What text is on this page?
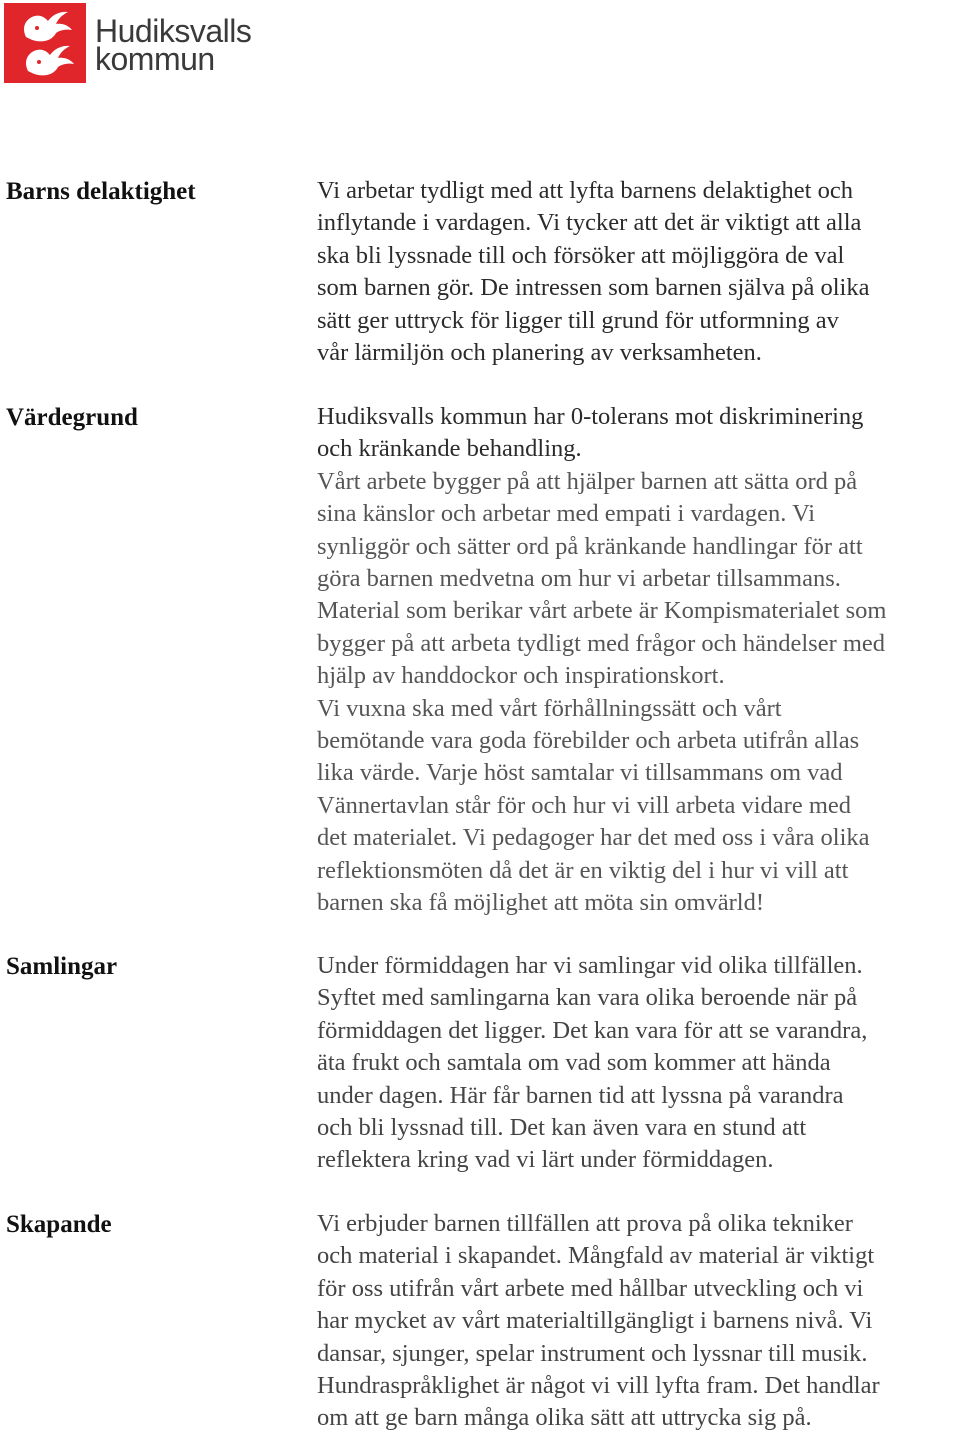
Hudiksvalls
kommun
Barns delaktighet	Vi arbetar tydligt med att lyfta barnens delaktighet och
inflytande i vardagen. Vi tycker att det är viktigt att alla
ska bli lyssnade till och försöker att möjliggöra de val
som barnen gör. De intressen som barnen själva på olika
sätt ger uttryck för ligger till grund för utformning av
vår lärmiljön och planering av verksamheten.
Värdegrund	Hudiksvalls kommun har 0-tolerans mot diskriminering
och kränkande behandling.
Vårt arbete bygger på att hjälper barnen att sätta ord på
sina känslor och arbetar med empati i vardagen. Vi
synliggör och sätter ord på kränkande handlingar för att
göra barnen medvetna om hur vi arbetar tillsammans.
Material som berikar vårt arbete är Kompismaterialet som
bygger på att arbeta tydligt med frågor och händelser med
hjälp av handdockor och inspirationskort.
Vi vuxna ska med vårt förhållningssätt och vårt
bemötande vara goda förebilder och arbeta utifrån allas
lika värde. Varje höst samtalar vi tillsammans om vad
Vännertavlan står för och hur vi vill arbeta vidare med
det materialet. Vi pedagoger har det med oss i våra olika
reflektionsmöten då det är en viktig del i hur vi vill att
barnen ska få möjlighet att möta sin omvärld!
Samlingar	Under förmiddagen har vi samlingar vid olika tillfällen.
Syftet med samlingarna kan vara olika beroende när på
förmiddagen det ligger. Det kan vara för att se varandra,
äta frukt och samtala om vad som kommer att hända
under dagen. Här får barnen tid att lyssna på varandra
och bli lyssnad till. Det kan även vara en stund att
reflektera kring vad vi lärt under förmiddagen.
Skapande	Vi erbjuder barnen tillfällen att prova på olika tekniker
och material i skapandet. Mångfald av material är viktigt
för oss utifrån vårt arbete med hållbar utveckling och vi
har mycket av vårt materialtillgängligt i barnens nivå. Vi
dansar, sjunger, spelar instrument och lyssnar till musik.
Hundraspråklighet är något vi vill lyfta fram. Det handlar
om att ge barn många olika sätt att uttrycka sig på.
